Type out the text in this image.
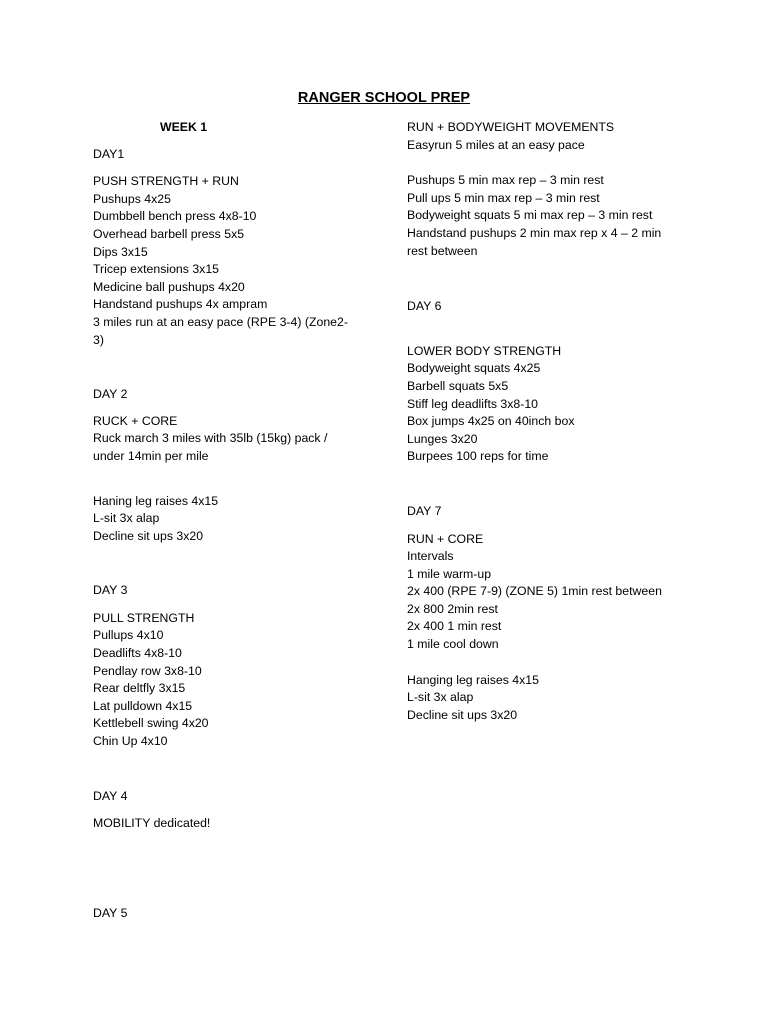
RANGER SCHOOL PREP
WEEK 1
DAY1
PUSH STRENGTH + RUN
Pushups 4x25
Dumbbell bench press 4x8-10
Overhead barbell press 5x5
Dips 3x15
Tricep extensions 3x15
Medicine ball pushups 4x20
Handstand pushups 4x ampram
3 miles run at an easy pace (RPE 3-4) (Zone2-3)
DAY 2
RUCK + CORE
Ruck march 3 miles with 35lb (15kg) pack / under 14min per mile
Haning leg raises 4x15
L-sit 3x alap
Decline sit ups 3x20
DAY 3
PULL STRENGTH
Pullups 4x10
Deadlifts 4x8-10
Pendlay row 3x8-10
Rear deltfly 3x15
Lat pulldown 4x15
Kettlebell swing 4x20
Chin Up 4x10
DAY 4
MOBILITY dedicated!
DAY 5
RUN + BODYWEIGHT MOVEMENTS
Easyrun 5 miles at an easy pace
Pushups 5 min max rep – 3 min rest
Pull ups 5 min max rep – 3 min rest
Bodyweight squats 5 mi max rep – 3 min rest
Handstand pushups 2 min max rep x 4 – 2 min rest between
DAY 6
LOWER BODY STRENGTH
Bodyweight squats 4x25
Barbell squats 5x5
Stiff leg deadlifts 3x8-10
Box jumps 4x25 on 40inch box
Lunges 3x20
Burpees 100 reps for time
DAY 7
RUN + CORE
Intervals
1 mile warm-up
2x 400 (RPE 7-9) (ZONE 5) 1min rest between
2x 800 2min rest
2x 400 1 min rest
1 mile cool down
Hanging leg raises 4x15
L-sit 3x alap
Decline sit ups 3x20
